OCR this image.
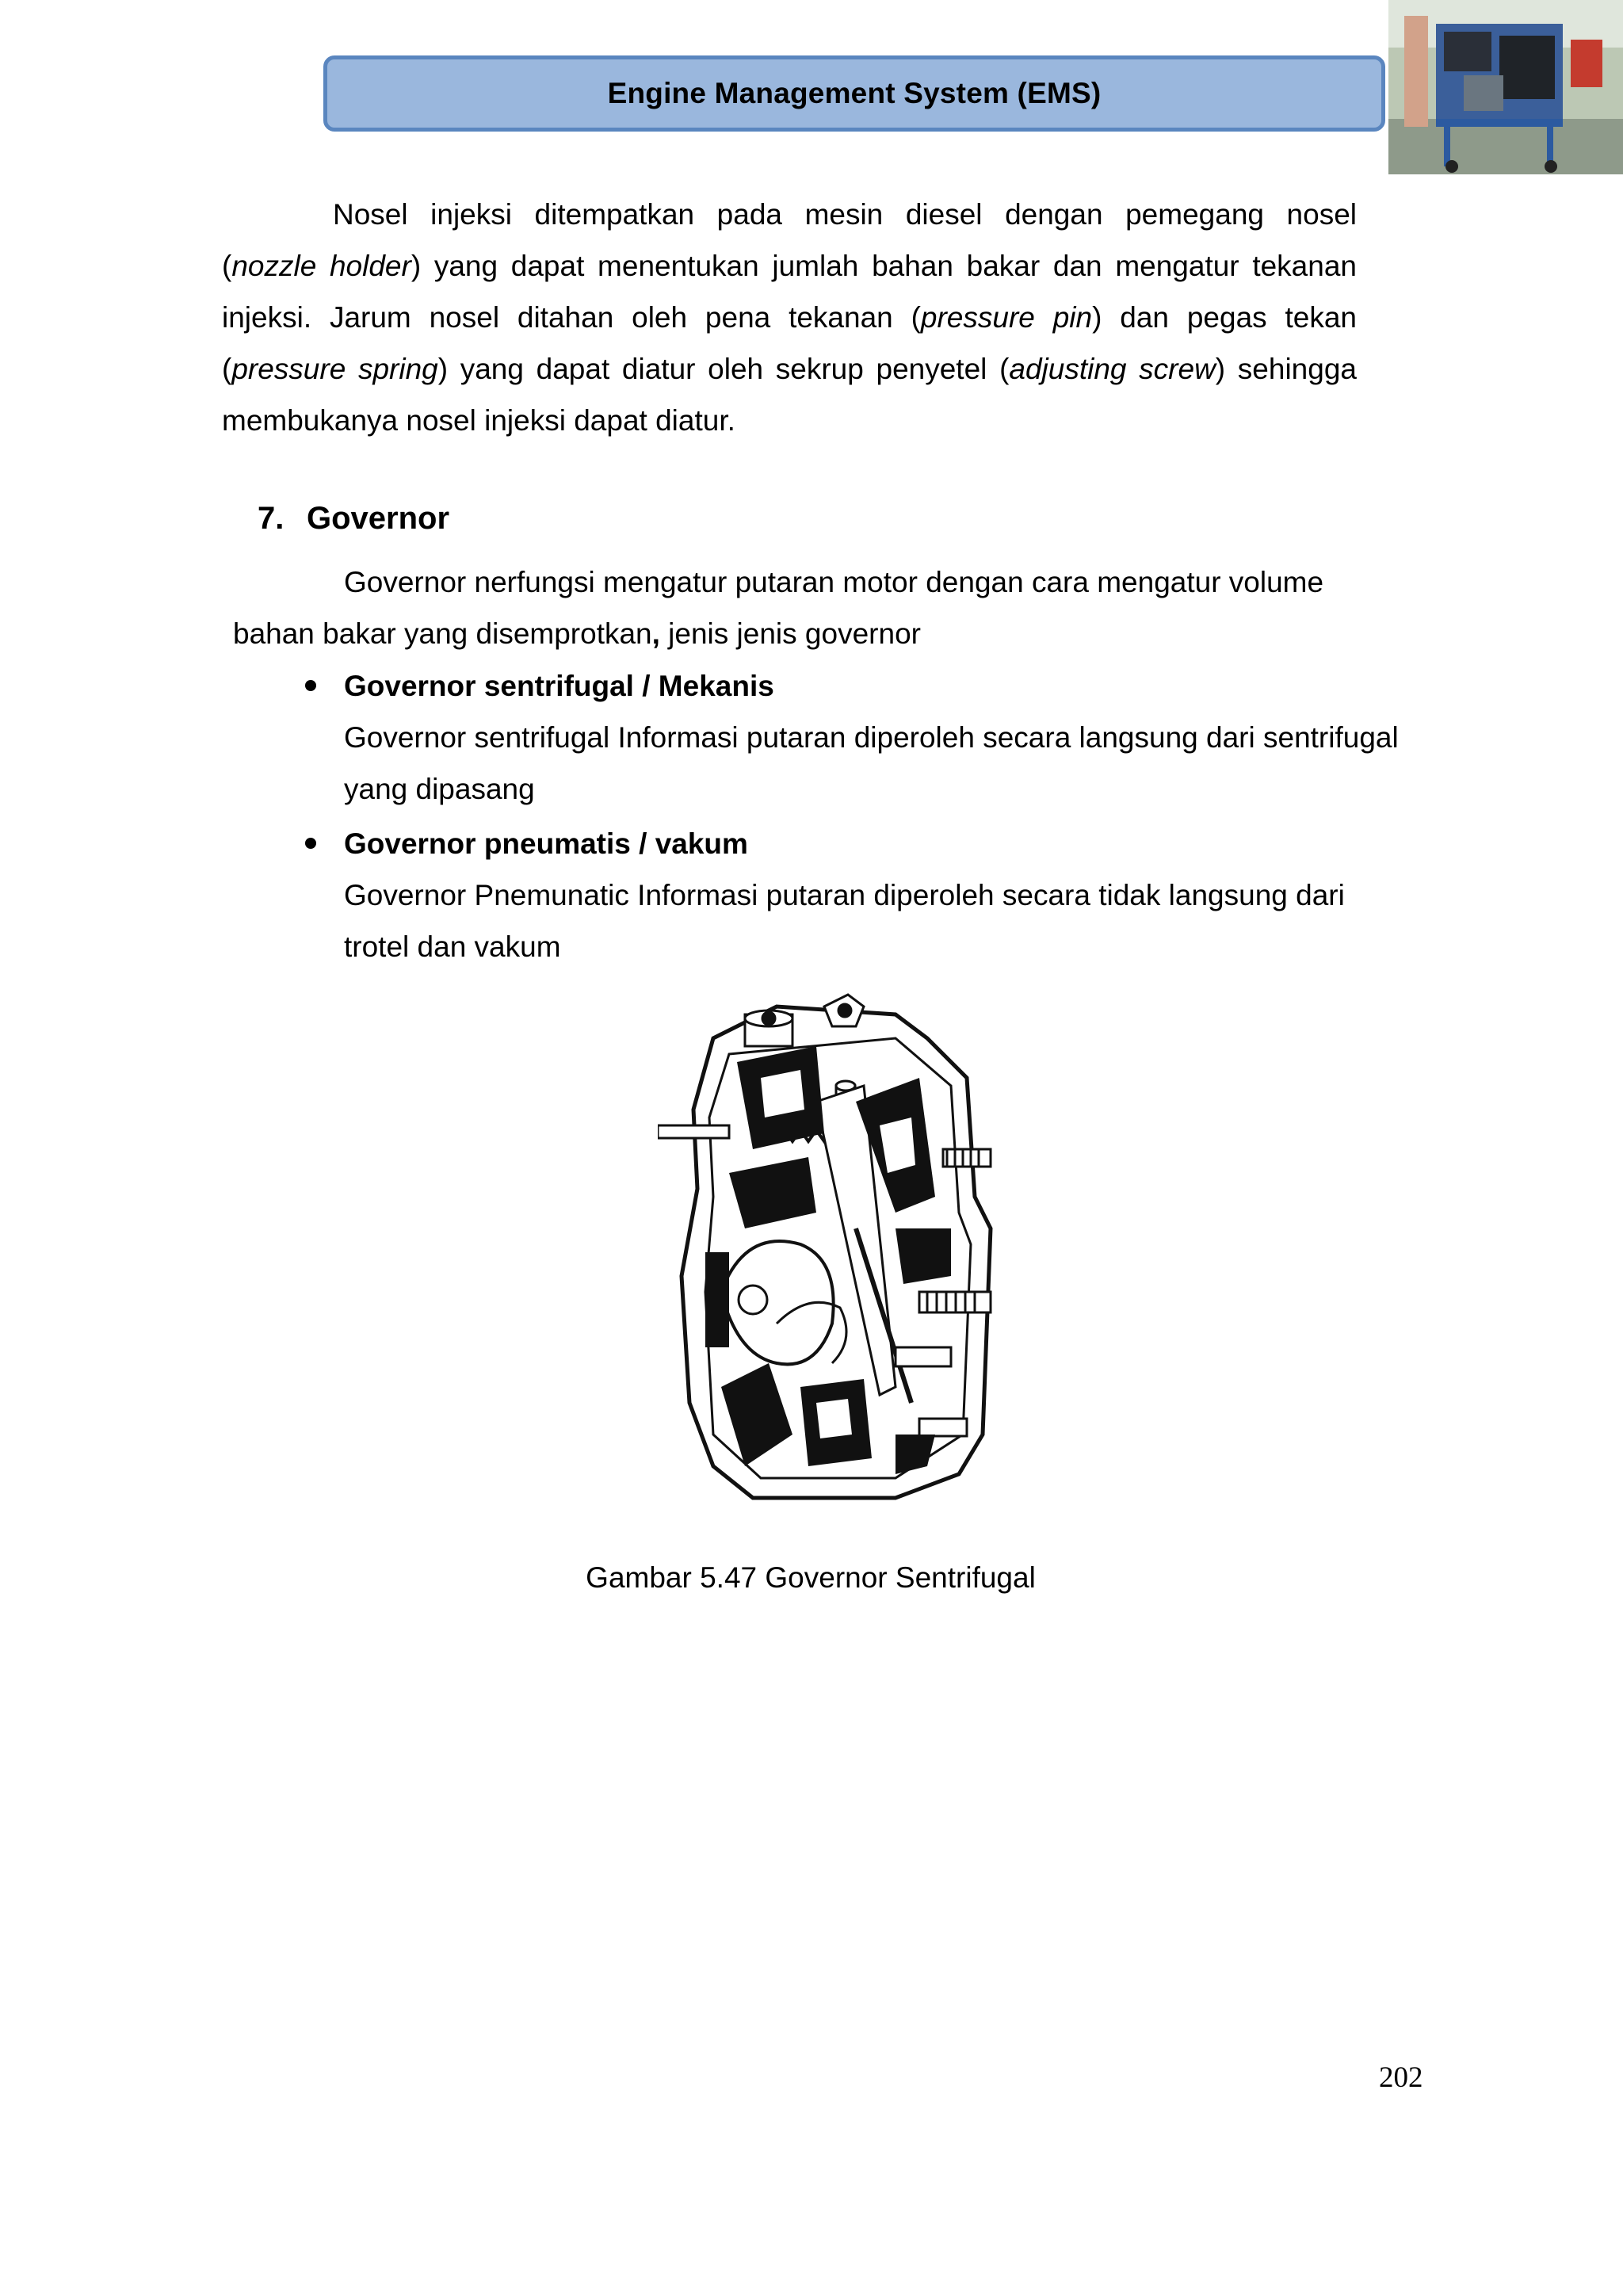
Engine Management System (EMS)
Nosel injeksi ditempatkan pada mesin diesel dengan pemegang nosel
(nozzle holder) yang dapat menentukan jumlah bahan bakar dan mengatur tekanan
injeksi. Jarum nosel ditahan oleh pena tekanan (pressure pin) dan pegas tekan
(pressure spring) yang dapat diatur oleh sekrup penyetel (adjusting screw) sehingga
membukanya nosel injeksi dapat diatur.
7. Governor
Governor nerfungsi mengatur putaran motor dengan cara mengatur volume
bahan bakar yang disemprotkan, jenis jenis governor
Governor sentrifugal / Mekanis
Governor sentrifugal Informasi putaran diperoleh secara langsung dari sentrifugal
yang dipasang
Governor pneumatis / vakum
Governor Pnemunatic Informasi putaran diperoleh secara tidak langsung dari
trotel dan vakum
Gambar 5.47 Governor Sentrifugal
202
